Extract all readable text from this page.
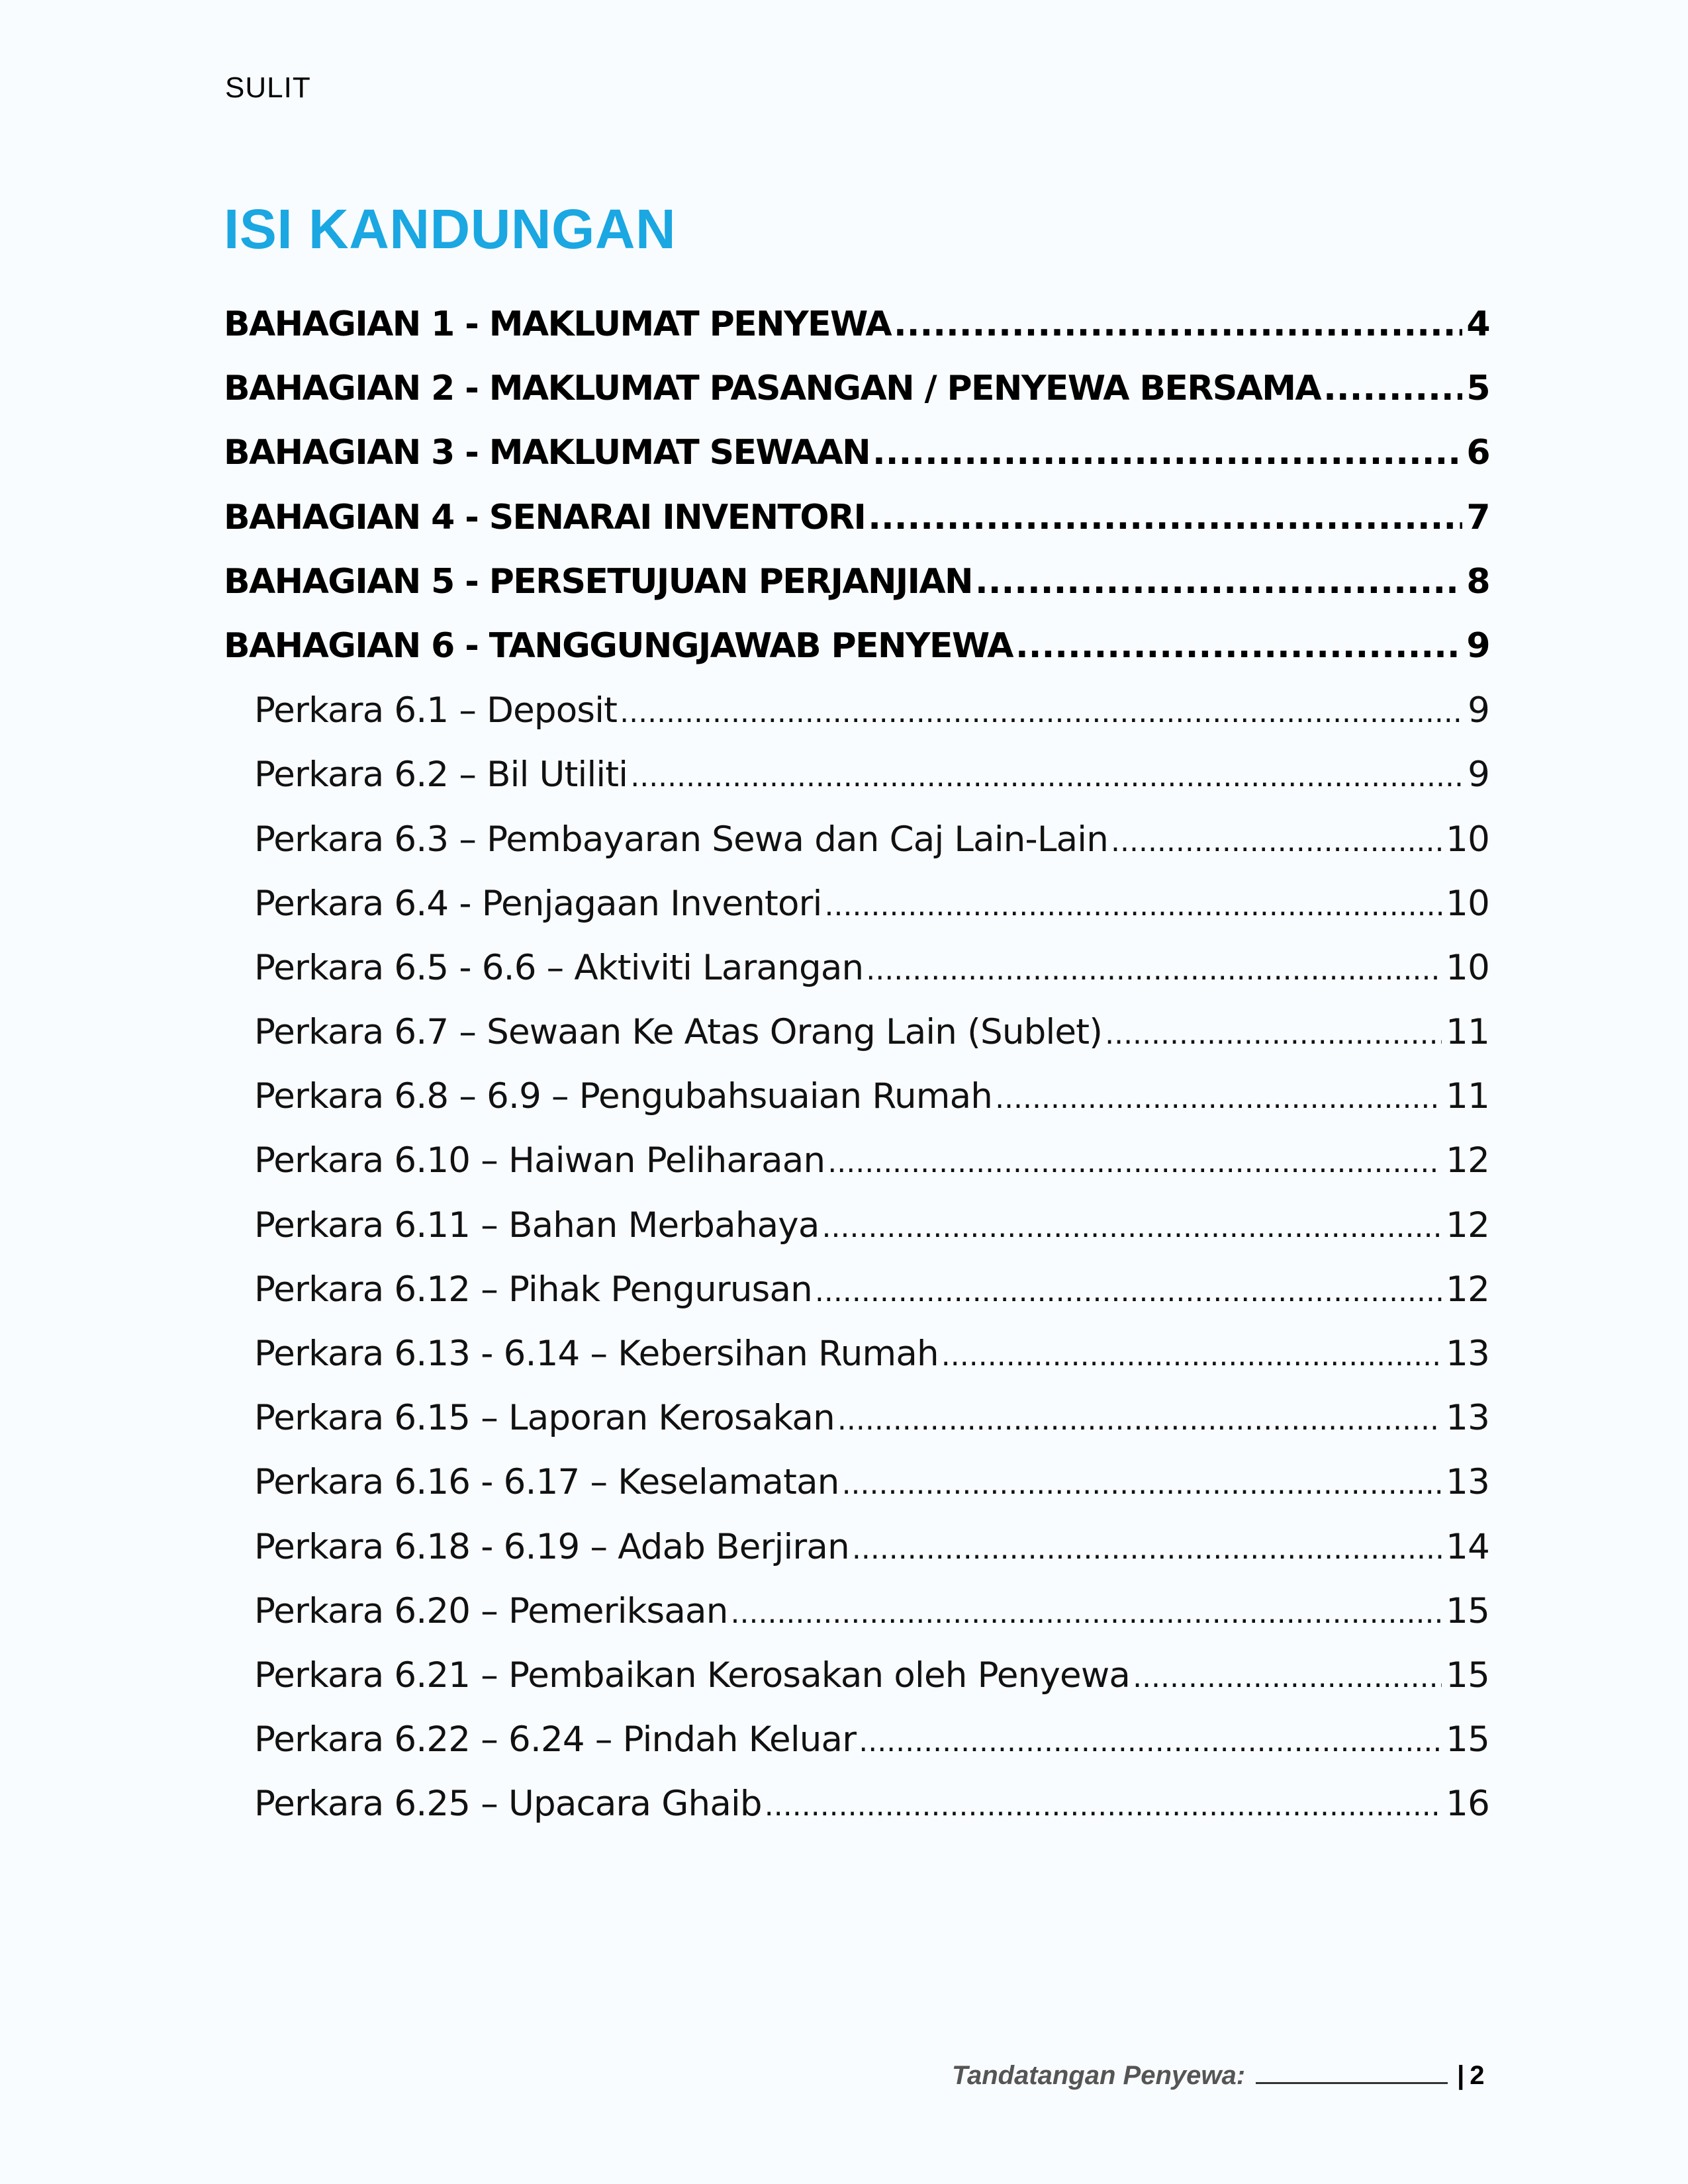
SULIT
ISI KANDUNGAN
BAHAGIAN 1 - MAKLUMAT PENYEWA .....	4
BAHAGIAN 2 - MAKLUMAT PASANGAN / PENYEWA BERSAMA .....	5
BAHAGIAN 3 - MAKLUMAT SEWAAN .....	6
BAHAGIAN 4 - SENARAI INVENTORI .....	7
BAHAGIAN 5 - PERSETUJUAN PERJANJIAN .....	8
BAHAGIAN 6 - TANGGUNGJAWAB PENYEWA .....	9
Perkara 6.1 – Deposit .....	9
Perkara 6.2 – Bil Utiliti .....	9
Perkara 6.3 – Pembayaran Sewa dan Caj Lain-Lain .....	10
Perkara 6.4 - Penjagaan Inventori .....	10
Perkara 6.5 - 6.6 – Aktiviti Larangan .....	10
Perkara 6.7 – Sewaan Ke Atas Orang Lain (Sublet) .....	11
Perkara 6.8 – 6.9 – Pengubahsuaian Rumah .....	11
Perkara 6.10 – Haiwan Peliharaan .....	12
Perkara 6.11 – Bahan Merbahaya .....	12
Perkara 6.12 – Pihak Pengurusan .....	12
Perkara 6.13 - 6.14 – Kebersihan Rumah .....	13
Perkara 6.15 – Laporan Kerosakan .....	13
Perkara 6.16 - 6.17 – Keselamatan .....	13
Perkara 6.18 - 6.19 – Adab Berjiran .....	14
Perkara 6.20 – Pemeriksaan .....	15
Perkara 6.21 – Pembaikan Kerosakan oleh Penyewa .....	15
Perkara 6.22 – 6.24 – Pindah Keluar .....	15
Perkara 6.25 – Upacara Ghaib .....	16
Tandatangan Penyewa:	| 2
